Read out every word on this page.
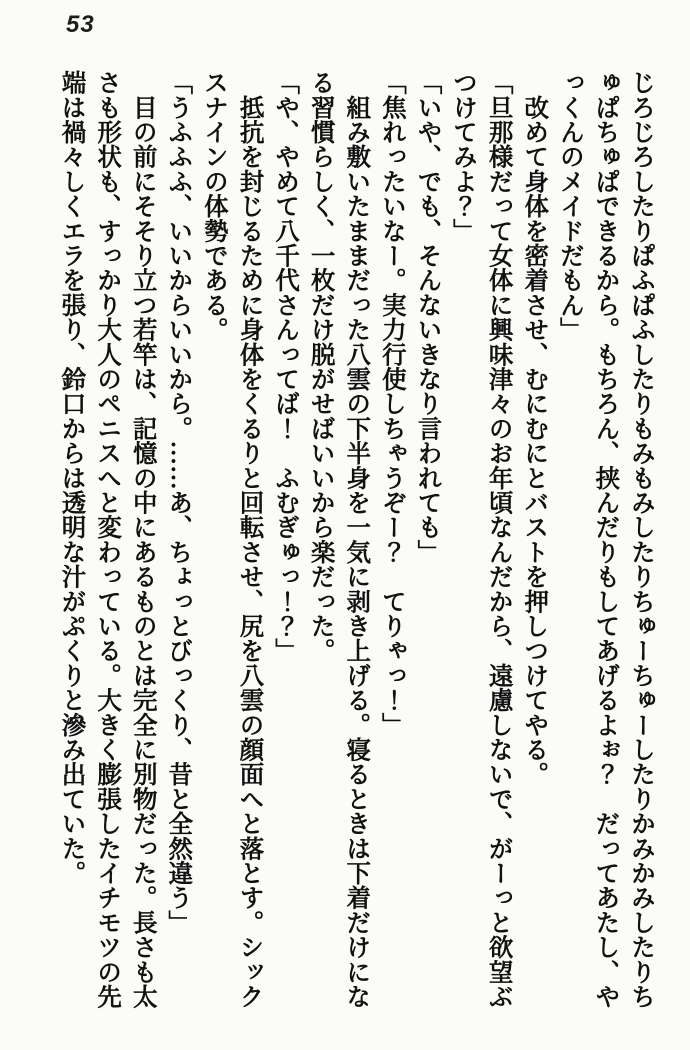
53
じろじろしたりぱふぱふしたりもみもみしたりちゅーちゅーしたりかみかみしたりち
ゅぱちゅぱできるから。もちろん、挟んだりもしてあげるよぉ？　だってあたし、や
っくんのメイドだもん」
　改めて身体を密着させ、むにむにとバストを押しつけてやる。
「旦那様だって女体に興味津々のお年頃なんだから、遠慮しないで、がーっと欲望ぶ
つけてみよ？」
「いや、でも、そんないきなり言われても」
「焦れったいなー。実力行使しちゃうぞー？　てりゃっ！」
　組み敷いたままだった八雲の下半身を一気に剥き上げる。寝るときは下着だけにな
る習慣らしく、一枚だけ脱がせばいいから楽だった。
「や、やめて八千代さんってば！　ふむぎゅっ！？」
　抵抗を封じるために身体をくるりと回転させ、尻を八雲の顔面へと落とす。シック
スナインの体勢である。
「うふふふ、いいからいいから。……あ、ちょっとびっくり、昔と全然違う」
　目の前にそそり立つ若竿は、記憶の中にあるものとは完全に別物だった。長さも太
さも形状も、すっかり大人のペニスへと変わっている。大きく膨張したイチモツの先
端は禍々しくエラを張り、鈴口からは透明な汁がぷくりと滲み出ていた。
